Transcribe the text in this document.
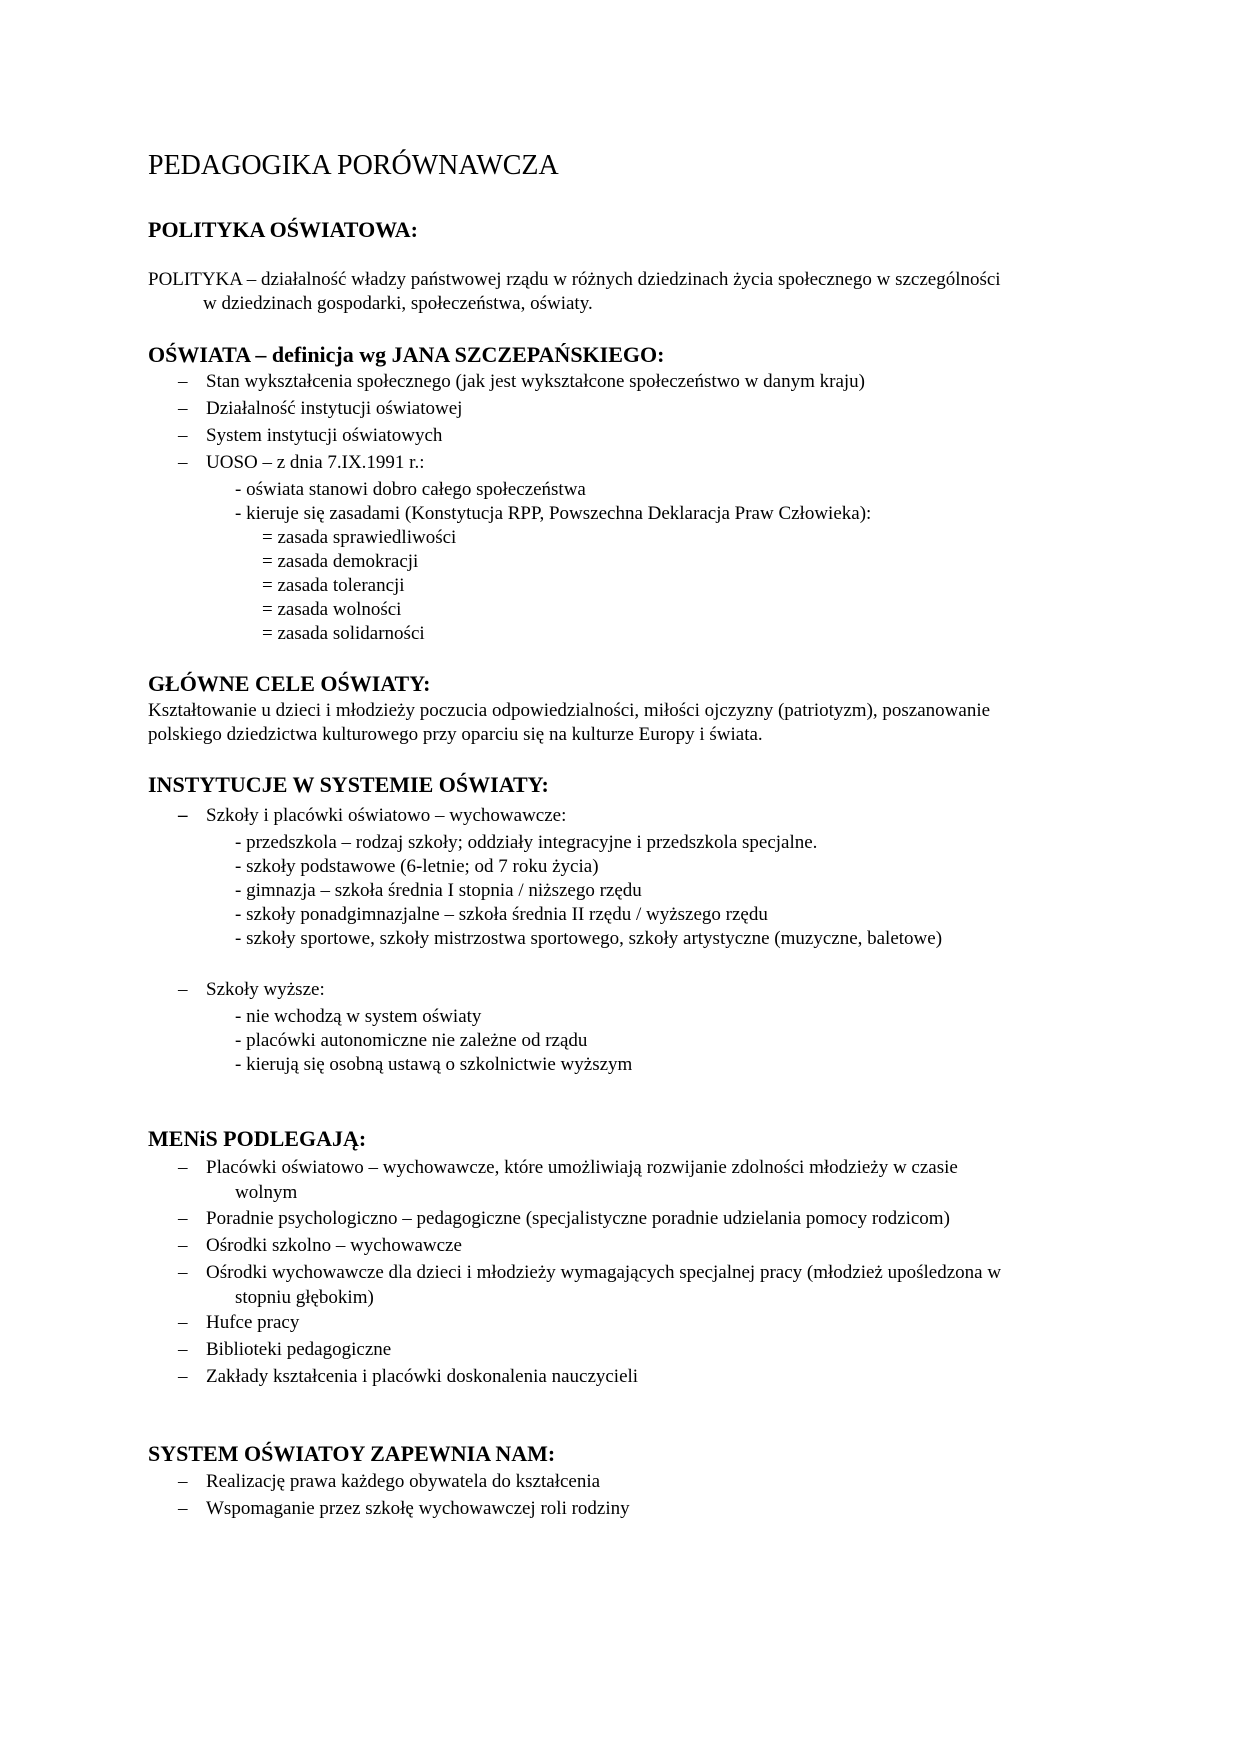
PEDAGOGIKA PORÓWNAWCZA
POLITYKA OŚWIATOWA:
POLITYKA – działalność władzy państwowej rządu w różnych dziedzinach życia społecznego w szczególności
w dziedzinach gospodarki, społeczeństwa, oświaty.
OŚWIATA – definicja wg JANA SZCZEPAŃSKIEGO:
– Stan wykształcenia społecznego (jak jest wykształcone społeczeństwo w danym kraju)
– Działalność instytucji oświatowej
– System instytucji oświatowych
– UOSO – z dnia 7.IX.1991 r.:
- oświata stanowi dobro całego społeczeństwa
- kieruje się zasadami (Konstytucja RPP, Powszechna Deklaracja Praw Człowieka):
= zasada sprawiedliwości
= zasada demokracji
= zasada tolerancji
= zasada wolności
= zasada solidarności
GŁÓWNE CELE OŚWIATY:
Kształtowanie u dzieci i młodzieży poczucia odpowiedzialności, miłości ojczyzny (patriotyzm), poszanowanie
polskiego dziedzictwa kulturowego przy oparciu się na kulturze Europy i świata.
INSTYTUCJE W SYSTEMIE OŚWIATY:
– Szkoły i placówki oświatowo – wychowawcze:
- przedszkola – rodzaj szkoły; oddziały integracyjne i przedszkola specjalne.
- szkoły podstawowe (6-letnie; od 7 roku życia)
- gimnazja – szkoła średnia I stopnia / niższego rzędu
- szkoły ponadgimnazjalne – szkoła średnia II rzędu / wyższego rzędu
- szkoły sportowe, szkoły mistrzostwa sportowego, szkoły artystyczne (muzyczne, baletowe)
– Szkoły wyższe:
- nie wchodzą w system oświaty
- placówki autonomiczne nie zależne od rządu
- kierują się osobną ustawą o szkolnictwie wyższym
MENiS PODLEGAJĄ:
– Placówki oświatowo – wychowawcze, które umożliwiają rozwijanie zdolności młodzieży w czasie
wolnym
– Poradnie psychologiczno – pedagogiczne (specjalistyczne poradnie udzielania pomocy rodzicom)
– Ośrodki szkolno – wychowawcze
– Ośrodki wychowawcze dla dzieci i młodzieży wymagających specjalnej pracy (młodzież upośledzona w
stopniu głębokim)
– Hufce pracy
– Biblioteki pedagogiczne
– Zakłady kształcenia i placówki doskonalenia nauczycieli
SYSTEM OŚWIATOY ZAPEWNIA NAM:
– Realizację prawa każdego obywatela do kształcenia
– Wspomaganie przez szkołę wychowawczej roli rodziny
